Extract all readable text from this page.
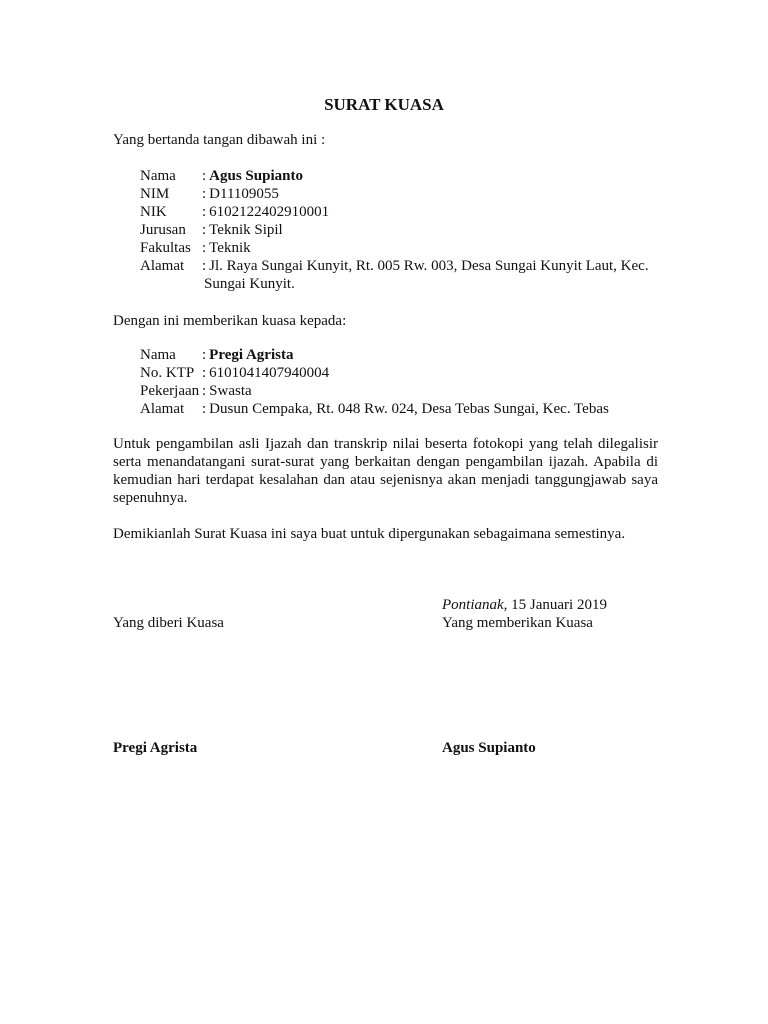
SURAT KUASA
Yang bertanda tangan dibawah ini :
Nama	: Agus Supianto
NIM	: D11109055
NIK	: 6102122402910001
Jurusan	: Teknik Sipil
Fakultas : Teknik
Alamat	: Jl. Raya Sungai Kunyit, Rt. 005 Rw. 003, Desa Sungai Kunyit Laut, Kec.
Sungai Kunyit.
Dengan ini memberikan kuasa kepada:
Nama	: Pregi Agrista
No. KTP : 6101041407940004
Pekerjaan : Swasta
Alamat	: Dusun Cempaka, Rt. 048 Rw. 024, Desa Tebas Sungai, Kec. Tebas
Untuk pengambilan asli Ijazah dan transkrip nilai beserta fotokopi yang telah dilegalisir serta menandatangani surat-surat yang berkaitan dengan pengambilan ijazah. Apabila di kemudian hari terdapat kesalahan dan atau sejenisnya akan menjadi tanggungjawab saya sepenuhnya.
Demikianlah Surat Kuasa ini saya buat untuk dipergunakan sebagaimana semestinya.
Pontianak, 15 Januari 2019
Yang diberi Kuasa	Yang memberikan Kuasa
Pregi Agrista	Agus Supianto
